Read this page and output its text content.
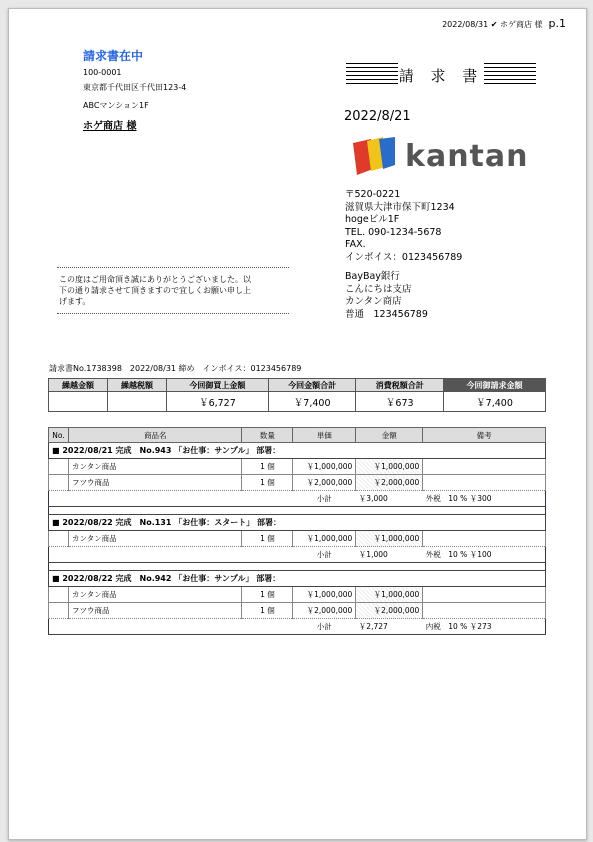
2022/08/31 ✔ ホゲ商店 様 p.1
請求書在中
100-0001
東京都千代田区千代田123-4
ABCマンション1F
ホゲ商店 様
請 求 書
2022/8/21
kantan
〒520-0221
滋賀県大津市保下町1234
hogeビル1F
TEL. 090-1234-5678
FAX.
インボイス：0123456789
この度はご用命頂き誠にありがとうございました。以
下の通り請求させて頂きますので宜しくお願い申し上
げます。
BayBay銀行
こんにちは支店
カンタン商店
普通　123456789
請求書No.1738398　2022/08/31 締め　インボイス：0123456789
繰越金額	繰越税額	今回御買上金額	今回金額合計	消費税額合計	今回御請求金額
		￥6,727	￥7,400	￥673	￥7,400
No.	商品名	数量	単価	金額	備考
■ 2022/08/21 完成　No.943 「お仕事：サンプル」 部署：					
	カンタン商品	1 個	￥1,000,000	￥1,000,000	
	フツウ商品	1 個	￥2,000,000	￥2,000,000	
			小計	￥3,000	外税　10 % ￥300

■ 2022/08/22 完成　No.131 「お仕事：スタート」 部署：					
	カンタン商品	1 個	￥1,000,000	￥1,000,000	
			小計	￥1,000	外税　10 % ￥100

■ 2022/08/22 完成　No.942 「お仕事：サンプル」 部署：					
	カンタン商品	1 個	￥1,000,000	￥1,000,000	
	フツウ商品	1 個	￥2,000,000	￥2,000,000	
			小計	￥2,727	内税　10 % ￥273
